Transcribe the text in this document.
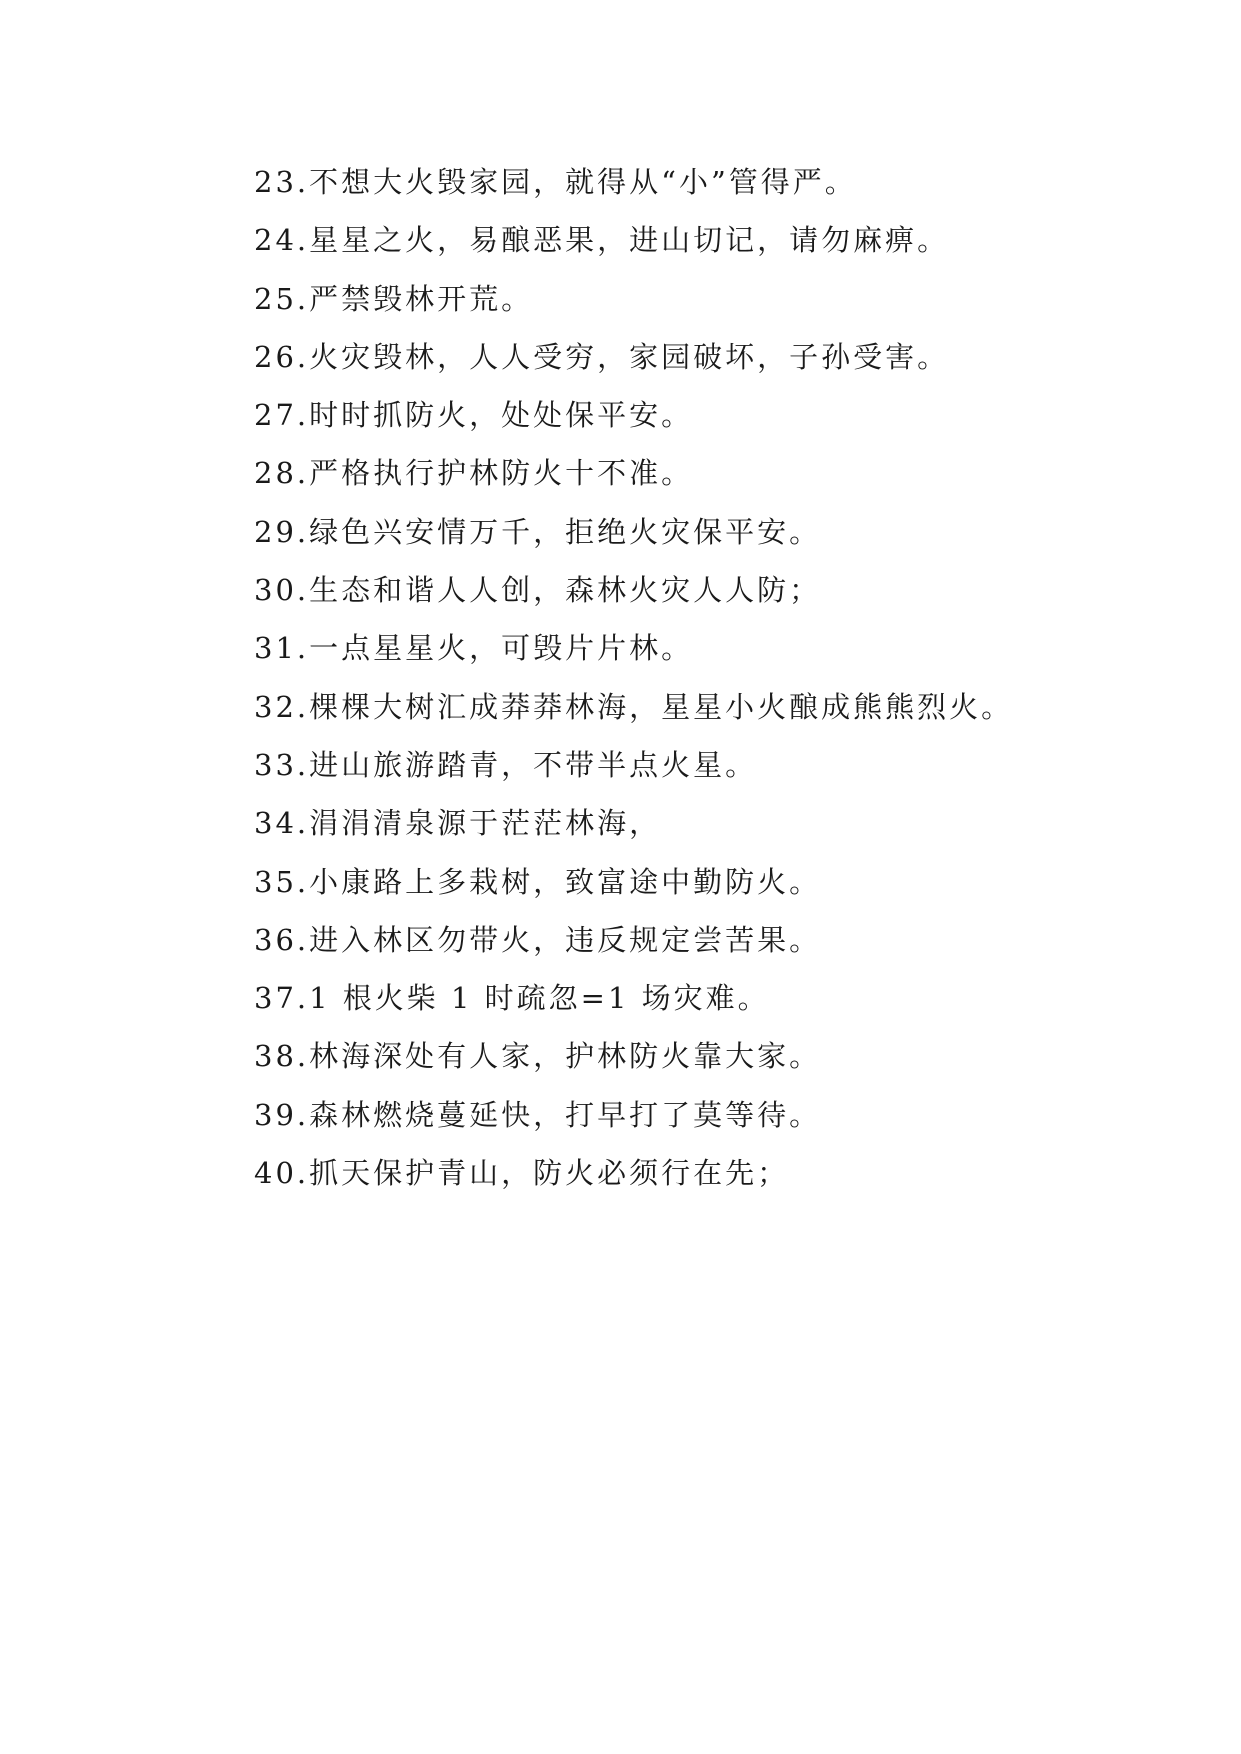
23.不想大火毁家园，就得从“小”管得严。
24.星星之火，易酿恶果，进山切记，请勿麻痹。
25.严禁毁林开荒。
26.火灾毁林，人人受穷，家园破坏，子孙受害。
27.时时抓防火，处处保平安。
28.严格执行护林防火十不准。
29.绿色兴安情万千，拒绝火灾保平安。
30.生态和谐人人创，森林火灾人人防；
31.一点星星火，可毁片片林。
32.棵棵大树汇成莽莽林海，星星小火酿成熊熊烈火。
33.进山旅游踏青，不带半点火星。
34.涓涓清泉源于茫茫林海，
35.小康路上多栽树，致富途中勤防火。
36.进入林区勿带火，违反规定尝苦果。
37.1 根火柴 1 时疏忽=1 场灾难。
38.林海深处有人家，护林防火靠大家。
39.森林燃烧蔓延快，打早打了莫等待。
40.抓天保护青山，防火必须行在先；
